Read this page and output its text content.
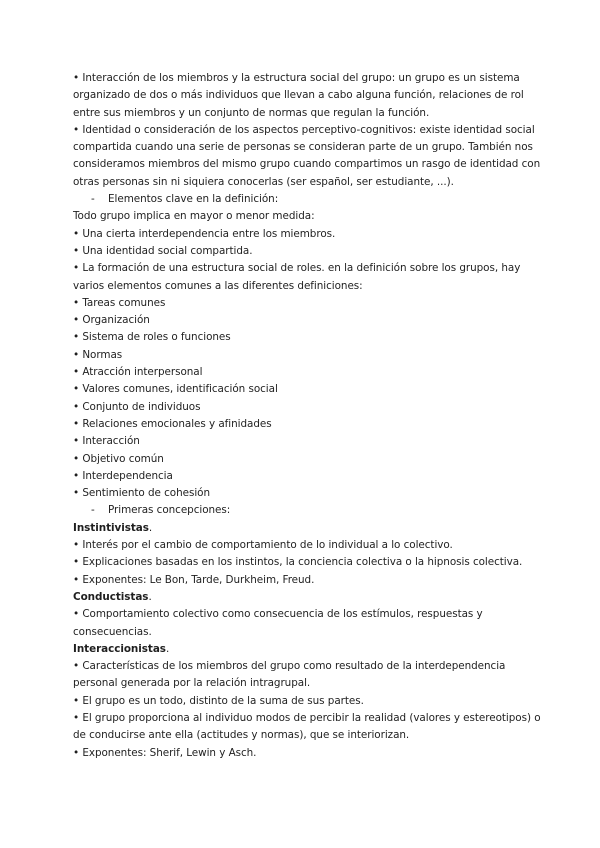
• Interacción de los miembros y la estructura social del grupo: un grupo es un sistema
organizado de dos o más individuos que llevan a cabo alguna función, relaciones de rol
entre sus miembros y un conjunto de normas que regulan la función.
• Identidad o consideración de los aspectos perceptivo-cognitivos: existe identidad social
compartida cuando una serie de personas se consideran parte de un grupo. También nos
consideramos miembros del mismo grupo cuando compartimos un rasgo de identidad con
otras personas sin ni siquiera conocerlas (ser español, ser estudiante, ...).
- Elementos clave en la definición:
Todo grupo implica en mayor o menor medida:
• Una cierta interdependencia entre los miembros.
• Una identidad social compartida.
• La formación de una estructura social de roles. en la definición sobre los grupos, hay
varios elementos comunes a las diferentes definiciones:
• Tareas comunes
• Organización
• Sistema de roles o funciones
• Normas
• Atracción interpersonal
• Valores comunes, identificación social
• Conjunto de individuos
• Relaciones emocionales y afinidades
• Interacción
• Objetivo común
• Interdependencia
• Sentimiento de cohesión
- Primeras concepciones:
Instintivistas.
• Interés por el cambio de comportamiento de lo individual a lo colectivo.
• Explicaciones basadas en los instintos, la conciencia colectiva o la hipnosis colectiva.
• Exponentes: Le Bon, Tarde, Durkheim, Freud.
Conductistas.
• Comportamiento colectivo como consecuencia de los estímulos, respuestas y
consecuencias.
Interaccionistas.
• Características de los miembros del grupo como resultado de la interdependencia
personal generada por la relación intragrupal.
• El grupo es un todo, distinto de la suma de sus partes.
• El grupo proporciona al individuo modos de percibir la realidad (valores y estereotipos) o
de conducirse ante ella (actitudes y normas), que se interiorizan.
• Exponentes: Sherif, Lewin y Asch.
